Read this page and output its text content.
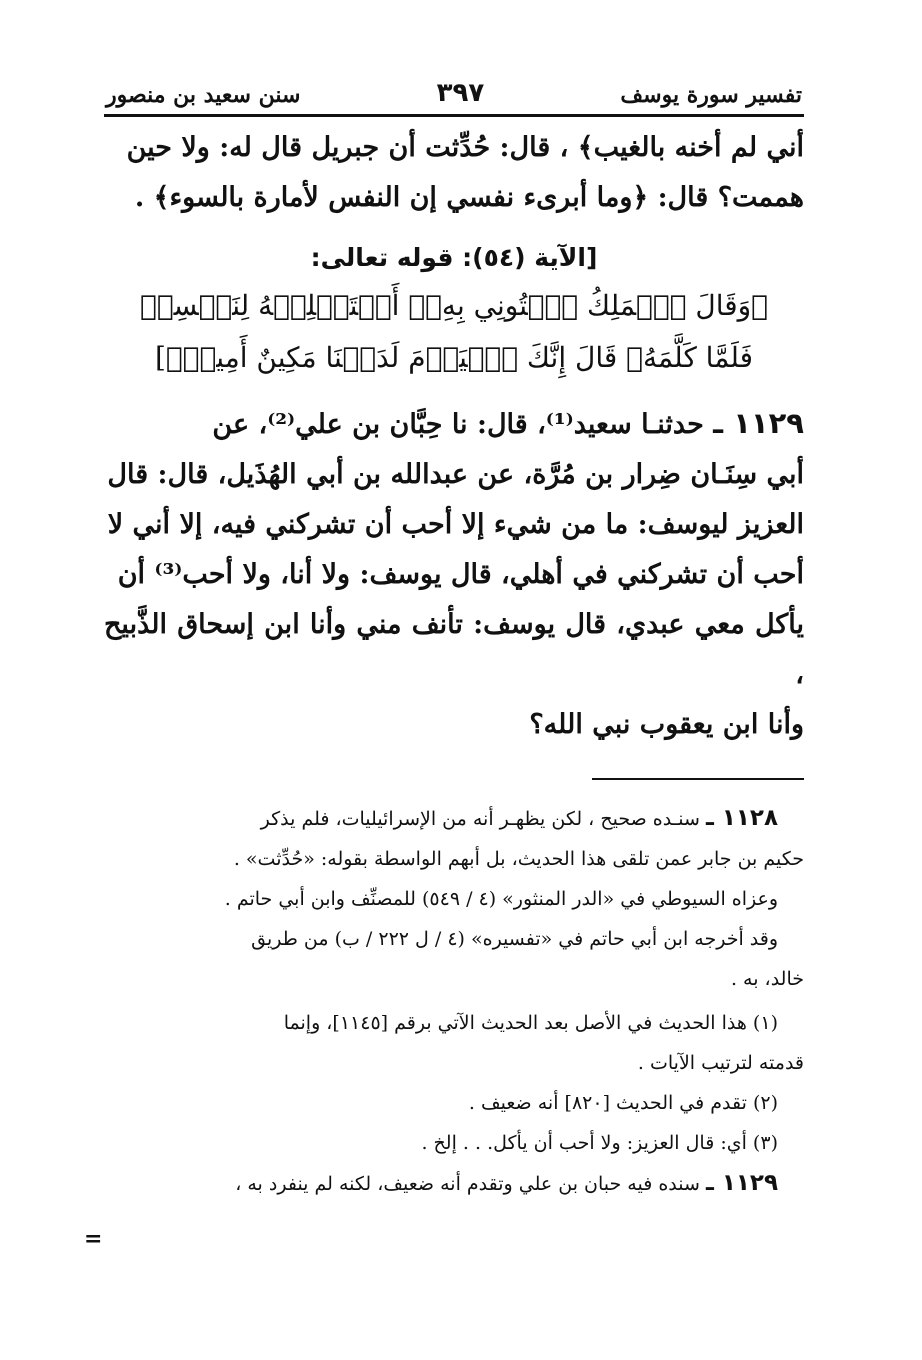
تفسير سورة يوسف
٣٩٧
سنن سعيد بن منصور

أني لم أخنه بالغيب﴾ ، قال: حُدِّثت أن جبريل قال له: ولا حين

هممت؟ قال: ﴿وما أبرىء نفسي إن النفس لأمارة بالسوء﴾ .

[الآية (٥٤): قوله تعالى:

﴿وَقَالَ ٱلۡمَلِكُ ٱئۡتُونِي بِهِۦٓ أَسۡتَخۡلِصۡهُ لِنَفۡسِيۖ

فَلَمَّا كَلَّمَهُۥ قَالَ إِنَّكَ ٱلۡيَوۡمَ لَدَيۡنَا مَكِينٌ أَمِينٞ﴾]

١١٢٩ ـ حدثنـا سعيد⁽¹⁾، قال: نا حِبَّان بن علي⁽²⁾، عن

أبي سِنَـان ضِرار بن مُرَّة، عن عبدالله بن أبي الهُذَيل، قال: قال

العزيز ليوسف: ما من شيء إلا أحب أن تشركني فيه، إلا أني لا

أحب أن تشركني في أهلي، قال يوسف: ولا أنا، ولا أحب⁽³⁾ أن

يأكل معي عبدي، قال يوسف: تأنف مني وأنا ابن إسحاق الذَّبيح ،

وأنا ابن يعقوب نبي الله؟

١١٢٨ ـ سنـده صحيح ، لكن يظهـر أنه من الإسرائيليات، فلم يذكر

حكيم بن جابر عمن تلقى هذا الحديث، بل أبهم الواسطة بقوله: «حُدِّثت» .

وعزاه السيوطي في «الدر المنثور» (٤ / ٥٤٩) للمصنِّف وابن أبي حاتم .

وقد أخرجه ابن أبي حاتم في «تفسيره» (٤ / ل ٢٢٢ / ب) من طريق

خالد، به .

(١) هذا الحديث في الأصل بعد الحديث الآتي برقم [١١٤٥]، وإنما

قدمته لترتيب الآيات .

(٢) تقدم في الحديث [٨٢٠] أنه ضعيف .

(٣) أي: قال العزيز: ولا أحب أن يأكل. . . إلخ .

١١٢٩ ـ سنده فيه حبان بن علي وتقدم أنه ضعيف، لكنه لم ينفرد به ،

=
